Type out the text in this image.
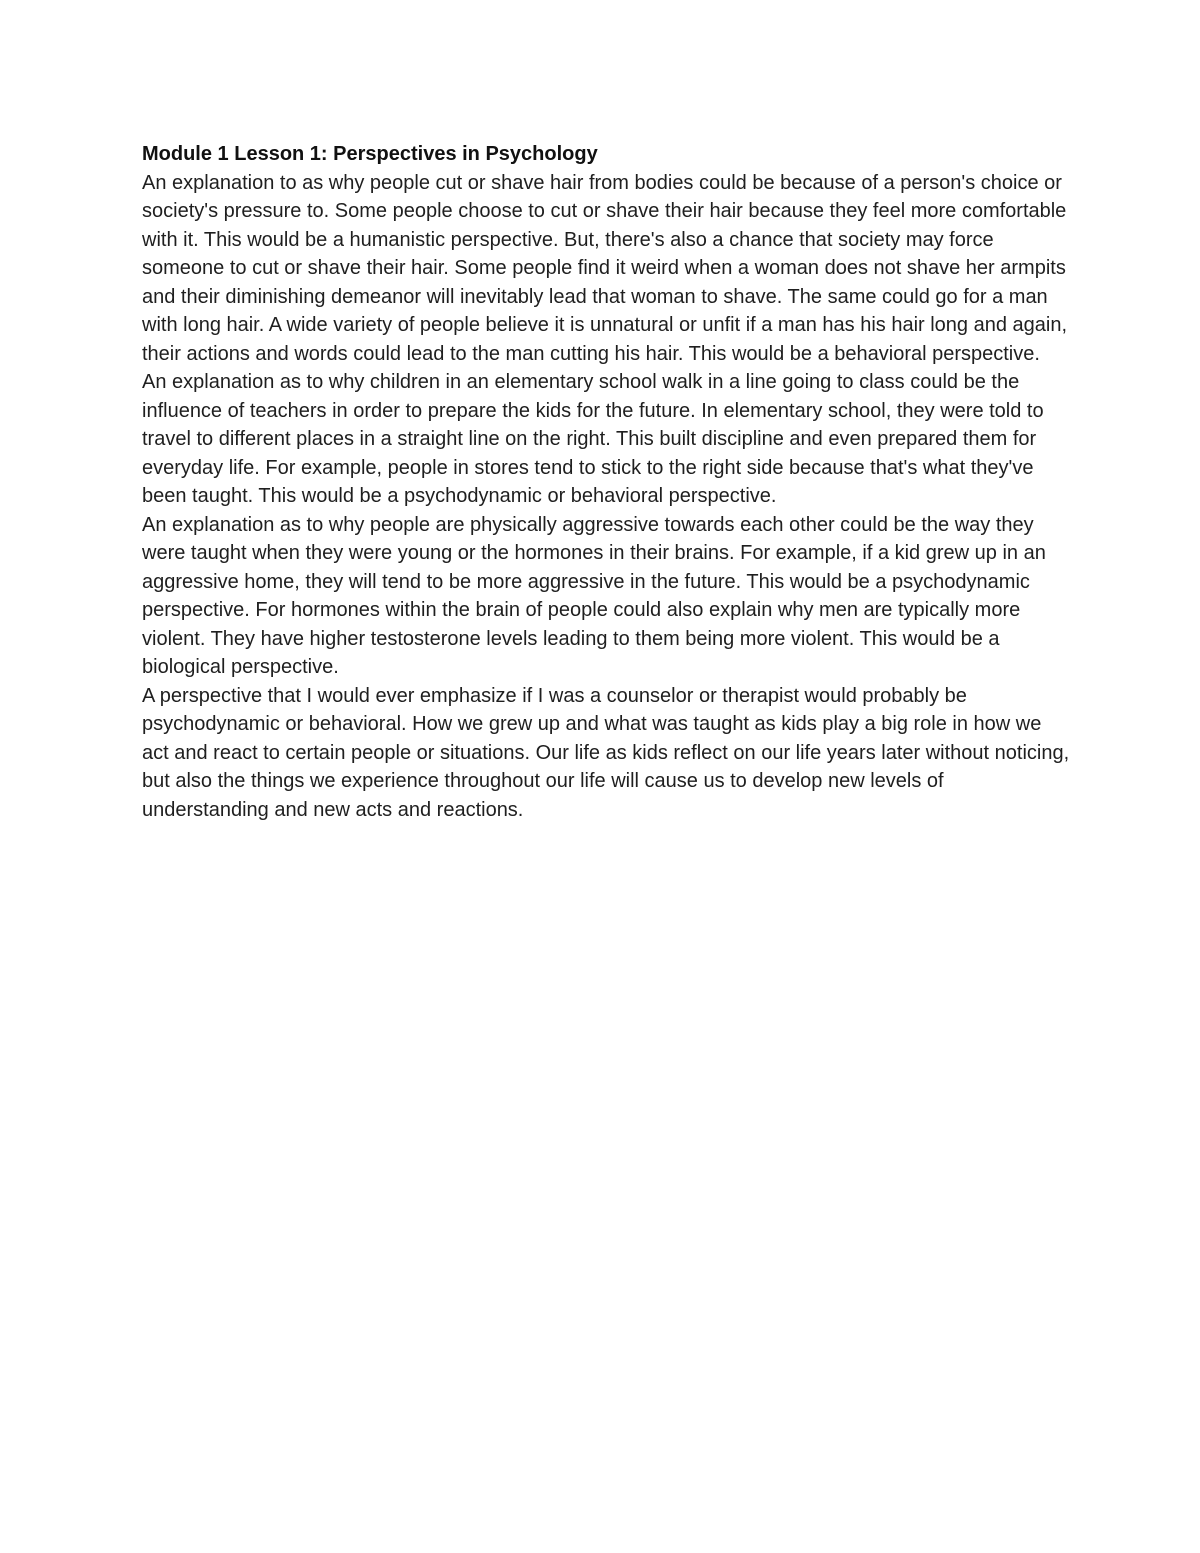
Module 1 Lesson 1: Perspectives in Psychology

An explanation to as why people cut or shave hair from bodies could be because of a person's choice or society's pressure to. Some people choose to cut or shave their hair because they feel more comfortable with it. This would be a humanistic perspective. But, there's also a chance that society may force someone to cut or shave their hair. Some people find it weird when a woman does not shave her armpits and their diminishing demeanor will inevitably lead that woman to shave. The same could go for a man with long hair. A wide variety of people believe it is unnatural or unfit if a man has his hair long and again, their actions and words could lead to the man cutting his hair. This would be a behavioral perspective.

An explanation as to why children in an elementary school walk in a line going to class could be the influence of teachers in order to prepare the kids for the future. In elementary school, they were told to travel to different places in a straight line on the right. This built discipline and even prepared them for everyday life. For example, people in stores tend to stick to the right side because that's what they've been taught. This would be a psychodynamic or behavioral perspective.

An explanation as to why people are physically aggressive towards each other could be the way they were taught when they were young or the hormones in their brains. For example, if a kid grew up in an aggressive home, they will tend to be more aggressive in the future. This would be a psychodynamic perspective. For hormones within the brain of people could also explain why men are typically more violent. They have higher testosterone levels leading to them being more violent. This would be a biological perspective.

A perspective that I would ever emphasize if I was a counselor or therapist would probably be psychodynamic or behavioral. How we grew up and what was taught as kids play a big role in how we act and react to certain people or situations. Our life as kids reflect on our life years later without noticing, but also the things we experience throughout our life will cause us to develop new levels of understanding and new acts and reactions.
